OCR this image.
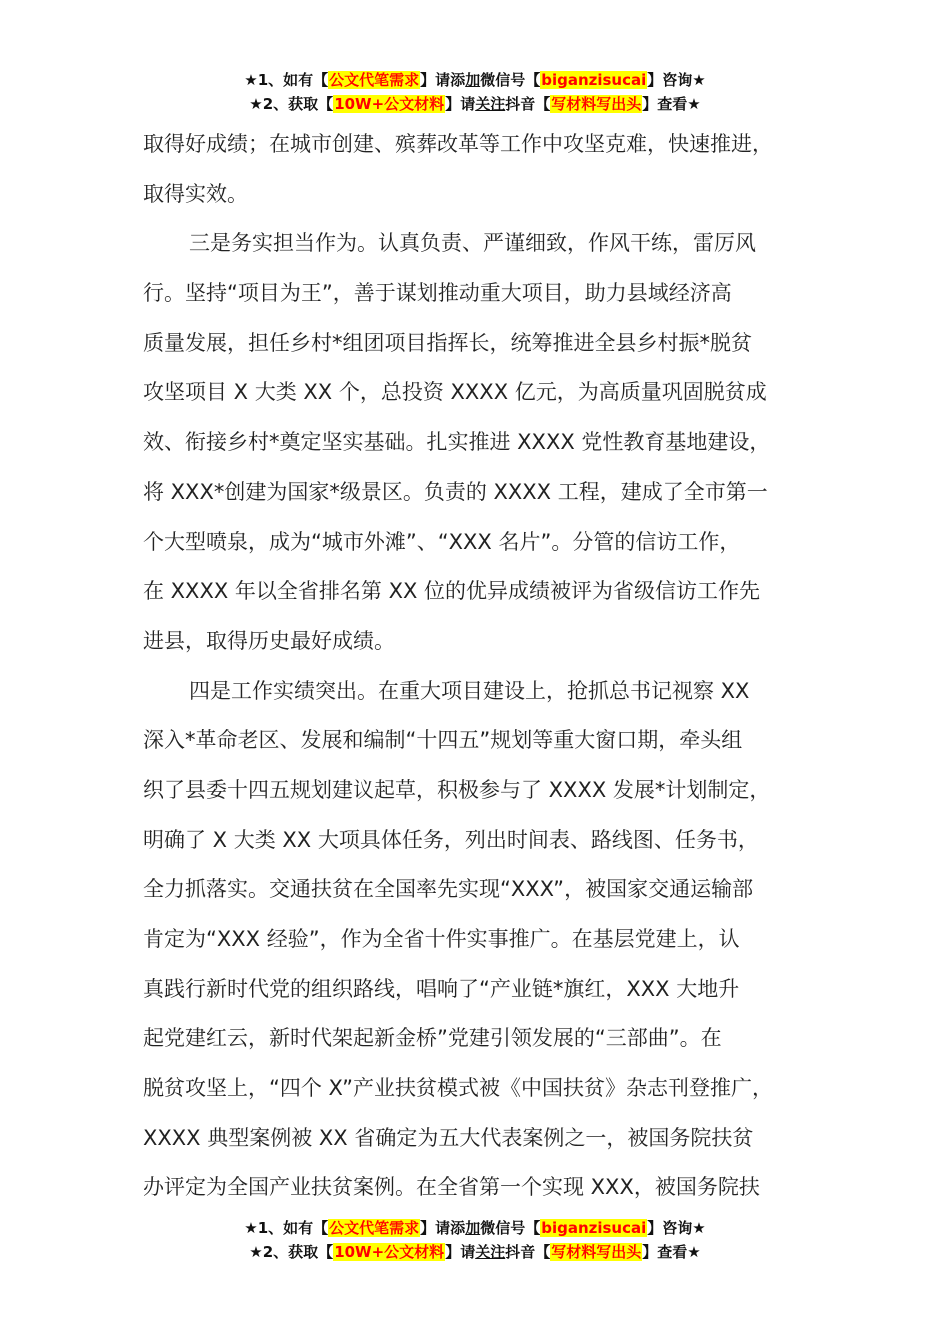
★1、如有【公文代笔需求】请添加微信号【biganzisucai】咨询★
★2、获取【10W+公文材料】请关注抖音【写材料写出头】查看★
取得好成绩；在城市创建、殡葬改革等工作中攻坚克难，快速推进，
取得实效。
三是务实担当作为。认真负责、严谨细致，作风干练，雷厉风
行。坚持“项目为王”，善于谋划推动重大项目，助力县域经济高
质量发展，担任乡村*组团项目指挥长，统筹推进全县乡村振*脱贫
攻坚项目 X 大类 XX 个，总投资 XXXX 亿元，为高质量巩固脱贫成
效、衔接乡村*奠定坚实基础。扎实推进 XXXX 党性教育基地建设，
将 XXX*创建为国家*级景区。负责的 XXXX 工程，建成了全市第一
个大型喷泉，成为“城市外滩”、“XXX 名片”。分管的信访工作，
在 XXXX 年以全省排名第 XX 位的优异成绩被评为省级信访工作先
进县，取得历史最好成绩。
四是工作实绩突出。在重大项目建设上，抢抓总书记视察 XX
深入*革命老区、发展和编制“十四五”规划等重大窗口期，牵头组
织了县委十四五规划建议起草，积极参与了 XXXX 发展*计划制定，
明确了 X 大类 XX 大项具体任务，列出时间表、路线图、任务书，
全力抓落实。交通扶贫在全国率先实现“XXX”，被国家交通运输部
肯定为“XXX 经验”，作为全省十件实事推广。在基层党建上，认
真践行新时代党的组织路线，唱响了“产业链*旗红，XXX 大地升
起党建红云，新时代架起新金桥”党建引领发展的“三部曲”。在
脱贫攻坚上，“四个 X”产业扶贫模式被《中国扶贫》杂志刊登推广，
XXXX 典型案例被 XX 省确定为五大代表案例之一，被国务院扶贫
办评定为全国产业扶贫案例。在全省第一个实现 XXX，被国务院扶
★1、如有【公文代笔需求】请添加微信号【biganzisucai】咨询★
★2、获取【10W+公文材料】请关注抖音【写材料写出头】查看★
